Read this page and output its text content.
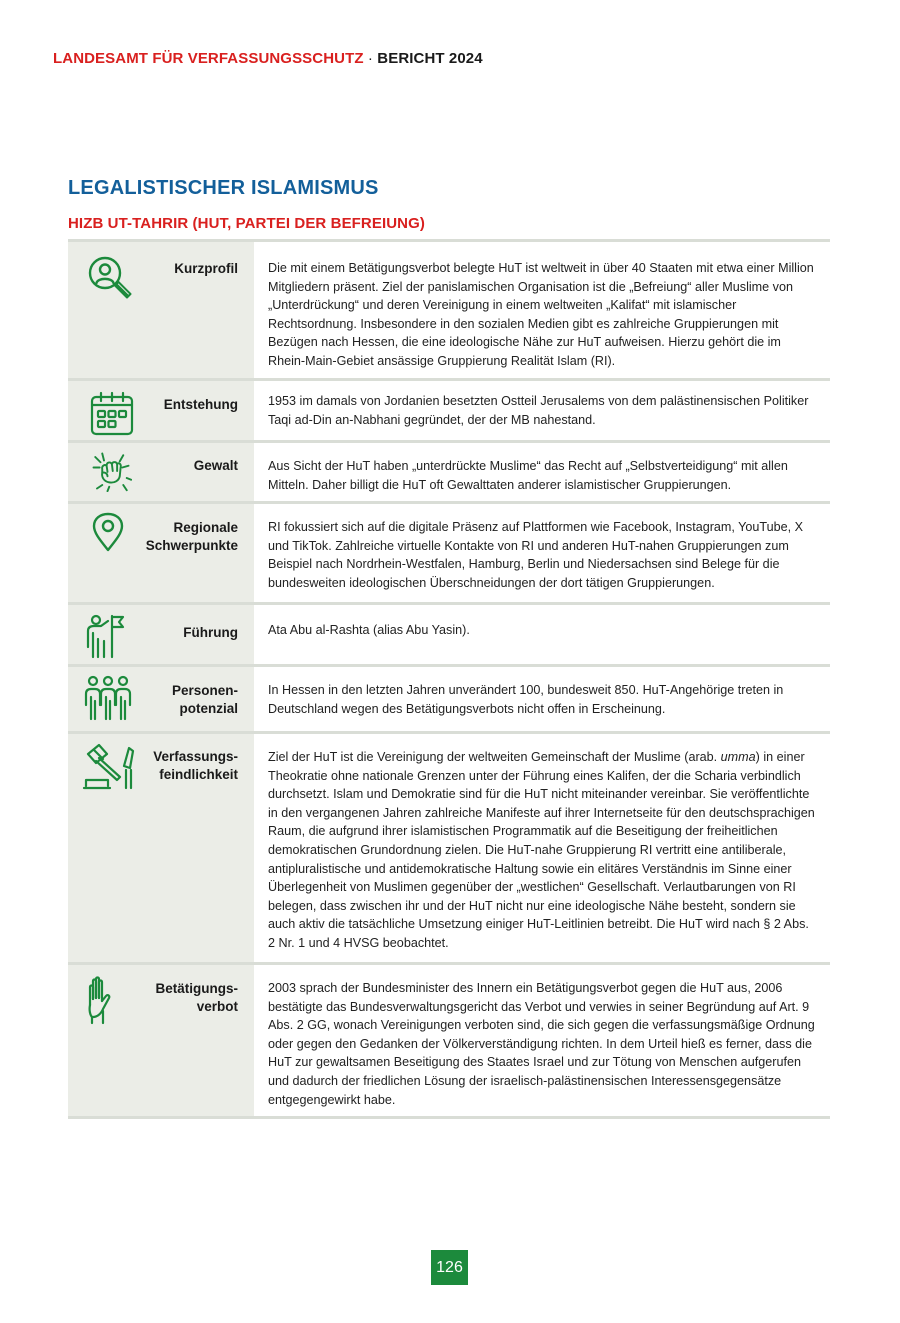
LANDESAMT FÜR VERFASSUNGSSCHUTZ · BERICHT 2024
LEGALISTISCHER ISLAMISMUS
HIZB UT-TAHRIR (HUT, PARTEI DER BEFREIUNG)
Kurzprofil Die mit einem Betätigungsverbot belegte HuT ist weltweit in über 40 Staaten mit etwa einer Million Mitgliedern präsent. Ziel der panislamischen Organisation ist die „Befreiung“ aller Muslime von „Unterdrückung“ und deren Vereinigung in einem weltweiten „Kalifat“ mit islamischer Rechtsordnung. Insbesondere in den sozialen Medien gibt es zahlreiche Gruppierungen mit Bezügen nach Hessen, die eine ideologische Nähe zur HuT aufweisen. Hierzu gehört die im Rhein-Main-Gebiet ansässige Gruppierung Realität Islam (RI).

Entstehung 1953 im damals von Jordanien besetzten Ostteil Jerusalems von dem palästinensischen Politiker Taqi ad-Din an-Nabhani gegründet, der der MB nahestand.

Gewalt Aus Sicht der HuT haben „unterdrückte Muslime“ das Recht auf „Selbstverteidigung“ mit allen Mitteln. Daher billigt die HuT oft Gewalttaten anderer islamistischer Gruppierungen.

Regionale
Schwerpunkte

RI fokussiert sich auf die digitale Präsenz auf Plattformen wie Facebook, Instagram, YouTube, X und TikTok. Zahlreiche virtuelle Kontakte von RI und anderen HuT-nahen Gruppierungen zum Beispiel nach Nordrhein-Westfalen, Hamburg, Berlin und Niedersachsen sind Belege für die bundesweiten ideologischen Überschneidungen der dort tätigen Gruppierungen.

Führung Ata Abu al-Rashta (alias Abu Yasin).

Personen-
potenzial

In Hessen in den letzten Jahren unverändert 100, bundesweit 850. HuT-Angehörige treten in Deutschland wegen des Betätigungsverbots nicht offen in Erscheinung.

Verfassungs-
feindlichkeit

Ziel der HuT ist die Vereinigung der weltweiten Gemeinschaft der Muslime (arab. umma) in einer Theokratie ohne nationale Grenzen unter der Führung eines Kalifen, der die Scharia verbindlich durchsetzt. Islam und Demokratie sind für die HuT nicht miteinander vereinbar. Sie veröffentlichte in den vergangenen Jahren zahlreiche Manifeste auf ihrer Internetseite für den deutschsprachigen Raum, die aufgrund ihrer islamistischen Programmatik auf die Beseitigung der freiheitlichen demokratischen Grundordnung zielen. Die HuT-nahe Gruppierung RI vertritt eine antiliberale, antipluralistische und antidemokratische Haltung sowie ein elitäres Verständnis im Sinne einer Überlegenheit von Muslimen gegenüber der „westlichen“ Gesellschaft. Verlautbarungen von RI belegen, dass zwischen ihr und der HuT nicht nur eine ideologische Nähe besteht, sondern sie auch aktiv die tatsächliche Umsetzung einiger HuT-Leitlinien betreibt. Die HuT wird nach § 2 Abs. 2 Nr. 1 und 4 HVSG beobachtet.

Betätigungs-
verbot

2003 sprach der Bundesminister des Innern ein Betätigungsverbot gegen die HuT aus, 2006 bestätigte das Bundesverwaltungsgericht das Verbot und verwies in seiner Begründung auf Art. 9 Abs. 2 GG, wonach Vereinigungen verboten sind, die sich gegen die verfassungsmäßige Ordnung oder gegen den Gedanken der Völkerverständigung richten. In dem Urteil hieß es ferner, dass die HuT zur gewaltsamen Beseitigung des Staates Israel und zur Tötung von Menschen aufgerufen und dadurch der friedlichen Lösung der israelisch-palästinensischen Interessensgegensätze entgegengewirkt habe.

126
